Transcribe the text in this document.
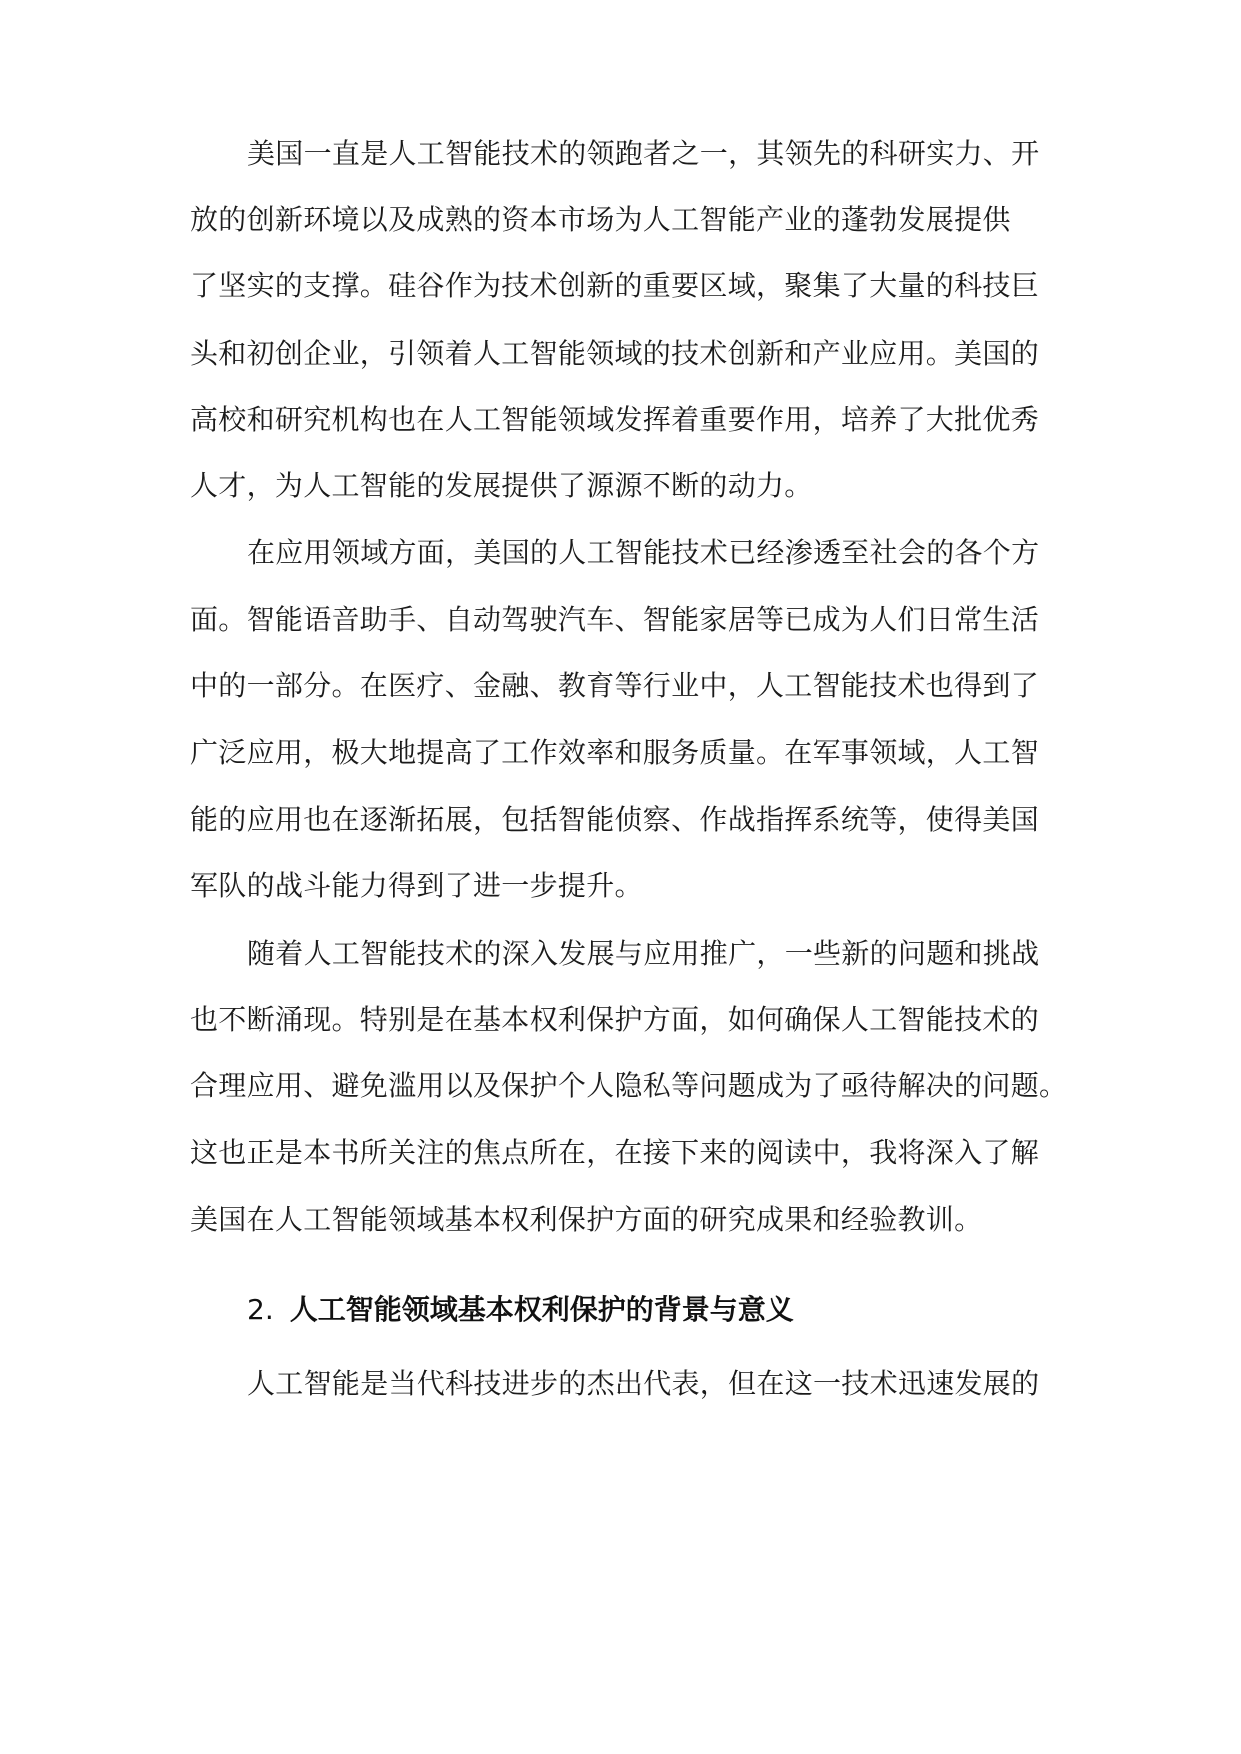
美国一直是人工智能技术的领跑者之一，其领先的科研实力、开

放的创新环境以及成熟的资本市场为人工智能产业的蓬勃发展提供

了坚实的支撑。硅谷作为技术创新的重要区域，聚集了大量的科技巨

头和初创企业，引领着人工智能领域的技术创新和产业应用。美国的

高校和研究机构也在人工智能领域发挥着重要作用，培养了大批优秀

人才，为人工智能的发展提供了源源不断的动力。

在应用领域方面，美国的人工智能技术已经渗透至社会的各个方

面。智能语音助手、自动驾驶汽车、智能家居等已成为人们日常生活

中的一部分。在医疗、金融、教育等行业中，人工智能技术也得到了

广泛应用，极大地提高了工作效率和服务质量。在军事领域，人工智

能的应用也在逐渐拓展，包括智能侦察、作战指挥系统等，使得美国

军队的战斗能力得到了进一步提升。

随着人工智能技术的深入发展与应用推广，一些新的问题和挑战

也不断涌现。特别是在基本权利保护方面，如何确保人工智能技术的

合理应用、避免滥用以及保护个人隐私等问题成为了亟待解决的问题。

这也正是本书所关注的焦点所在，在接下来的阅读中，我将深入了解

美国在人工智能领域基本权利保护方面的研究成果和经验教训。

2. 人工智能领域基本权利保护的背景与意义

人工智能是当代科技进步的杰出代表，但在这一技术迅速发展的
